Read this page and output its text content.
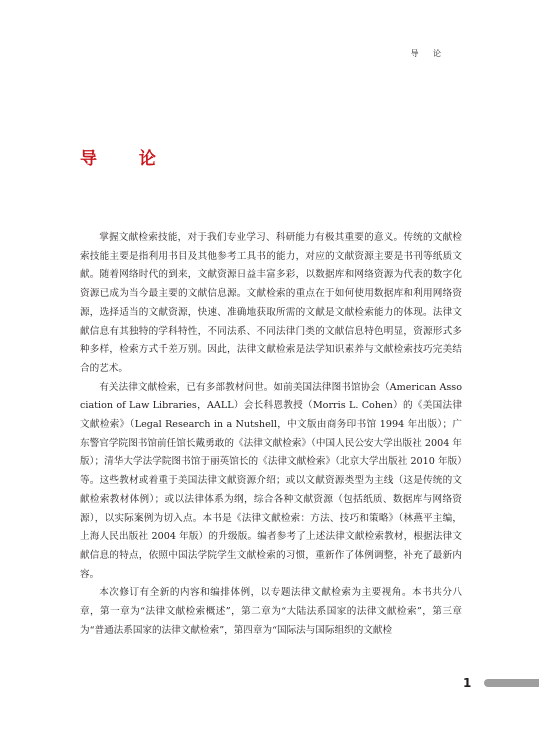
导 论
导 论

掌握文献检索技能，对于我们专业学习、科研能力有极其重要的意义。传统的文献检索技能主要是指利用书目及其他参考工具书的能力，对应的文献资源主要是书刊等纸质文献。随着网络时代的到来，文献资源日益丰富多彩，以数据库和网络资源为代表的数字化资源已成为当今最主要的文献信息源。文献检索的重点在于如何使用数据库和利用网络资源，选择适当的文献资源，快速、准确地获取所需的文献是文献检索能力的体现。法律文献信息有其独特的学科特性，不同法系、不同法律门类的文献信息特色明显，资源形式多种多样，检索方式千差万别。因此，法律文献检索是法学知识素养与文献检索技巧完美结合的艺术。

有关法律文献检索，已有多部教材问世。如前美国法律图书馆协会（American Association of Law Libraries，AALL）会长科恩教授（Morris L. Cohen）的《美国法律文献检索》（Legal Research in a Nutshell，中文版由商务印书馆 1994 年出版）；广东警官学院图书馆前任馆长戴勇敢的《法律文献检索》（中国人民公安大学出版社 2004 年版）；清华大学法学院图书馆于丽英馆长的《法律文献检索》（北京大学出版社 2010 年版）等。这些教材或着重于美国法律文献资源介绍；或以文献资源类型为主线（这是传统的文献检索教材体例）；或以法律体系为纲，综合各种文献资源（包括纸质、数据库与网络资源），以实际案例为切入点。本书是《法律文献检索：方法、技巧和策略》（林燕平主编，上海人民出版社 2004 年版）的升级版。编者参考了上述法律文献检索教材，根据法律文献信息的特点，依照中国法学院学生文献检索的习惯，重新作了体例调整，补充了最新内容。

本次修订有全新的内容和编排体例，以专题法律文献检索为主要视角。本书共分八章，第一章为“法律文献检索概述”，第二章为“大陆法系国家的法律文献检索”，第三章为“普通法系国家的法律文献检索”，第四章为“国际法与国际组织的文献检

1
